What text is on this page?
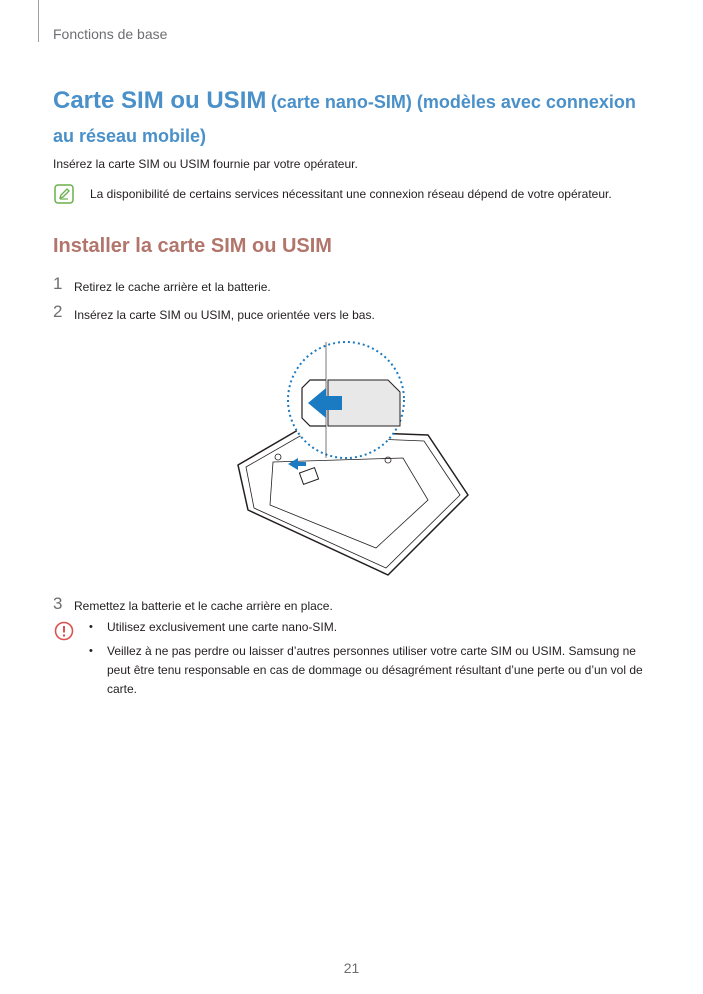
Fonctions de base
Carte SIM ou USIM (carte nano-SIM) (modèles avec connexion
au réseau mobile)
Insérez la carte SIM ou USIM fournie par votre opérateur.
La disponibilité de certains services nécessitant une connexion réseau dépend de votre opérateur.
Installer la carte SIM ou USIM
1 Retirez le cache arrière et la batterie.
2 Insérez la carte SIM ou USIM, puce orientée vers le bas.
3 Remettez la batterie et le cache arrière en place.
• Utilisez exclusivement une carte nano-SIM.
• Veillez à ne pas perdre ou laisser d’autres personnes utiliser votre carte SIM ou USIM. Samsung ne peut être tenu responsable en cas de dommage ou désagrément résultant d’une perte ou d’un vol de carte.
21
